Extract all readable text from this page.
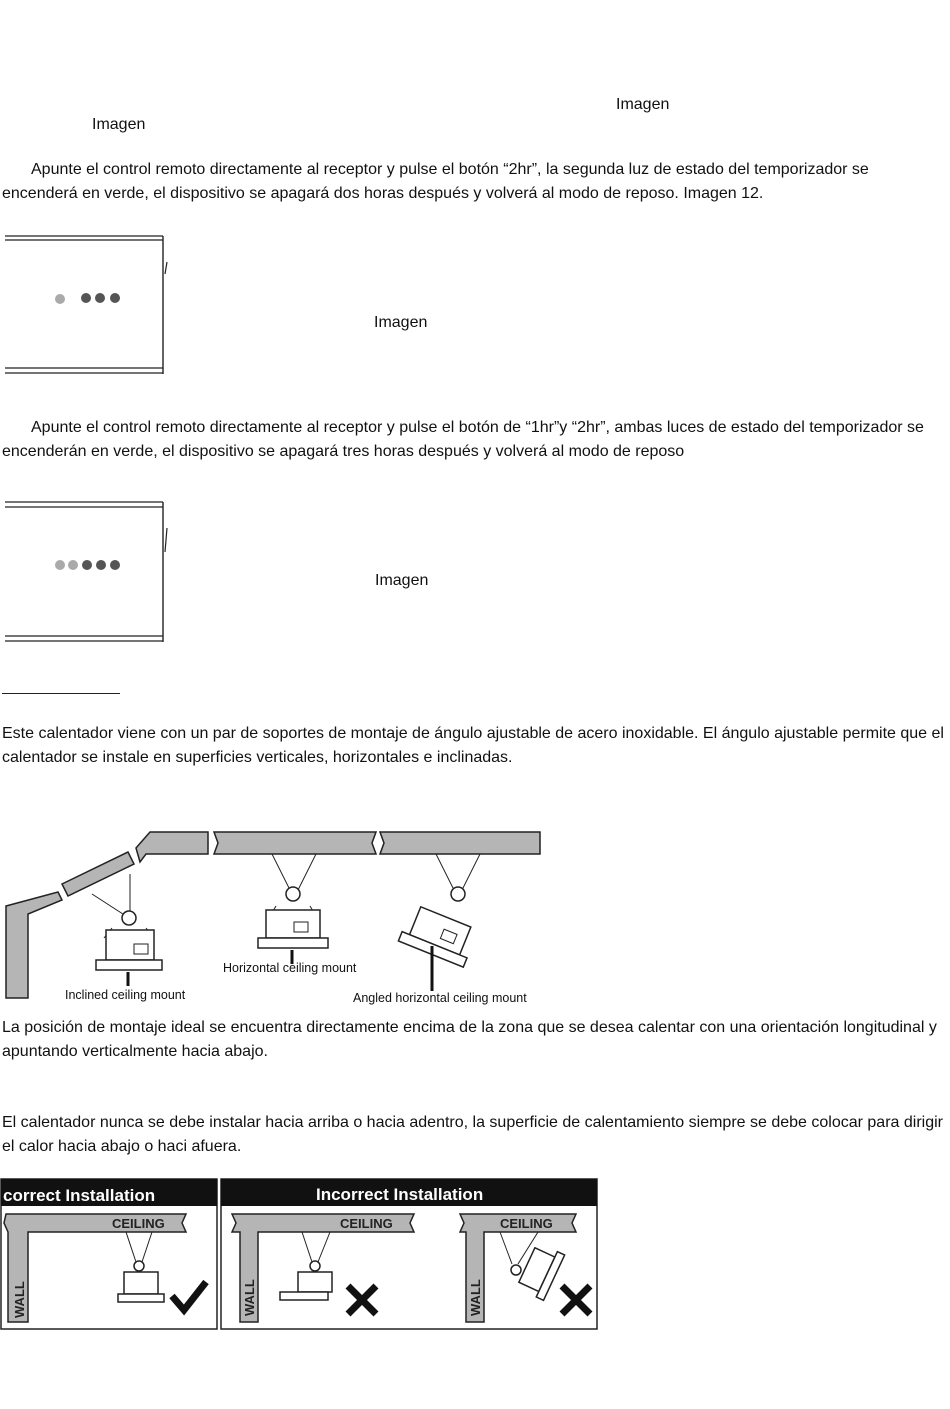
Imagen
Imagen
Apunte el control remoto directamente al receptor y pulse el botón “2hr”, la segunda luz de estado del temporizador se encenderá en verde, el dispositivo se apagará dos horas después y volverá al modo de reposo. Imagen 12.
Imagen
Apunte el control remoto directamente al receptor y pulse el botón de “1hr”y “2hr”, ambas luces de estado del temporizador se encenderán en verde, el dispositivo se apagará tres horas después y volverá al modo de reposo
Imagen
Este calentador viene con un par de soportes de montaje de ángulo ajustable de acero inoxidable. El ángulo ajustable permite que el calentador se instale en superficies verticales, horizontales e inclinadas.
Inclined ceiling mount
Horizontal ceiling mount
Angled horizontal ceiling mount
La posición de montaje ideal se encuentra directamente encima de la zona que se desea calentar con una orientación longitudinal y apuntando verticalmente hacia abajo.
El calentador nunca se debe instalar hacia arriba o hacia adentro, la superficie de calentamiento siempre se debe colocar para dirigir el calor hacia abajo o haci afuera.
correct Installation	Incorrect Installation
CEILING
WALL
CEILING
WALL
CEILING
WALL
